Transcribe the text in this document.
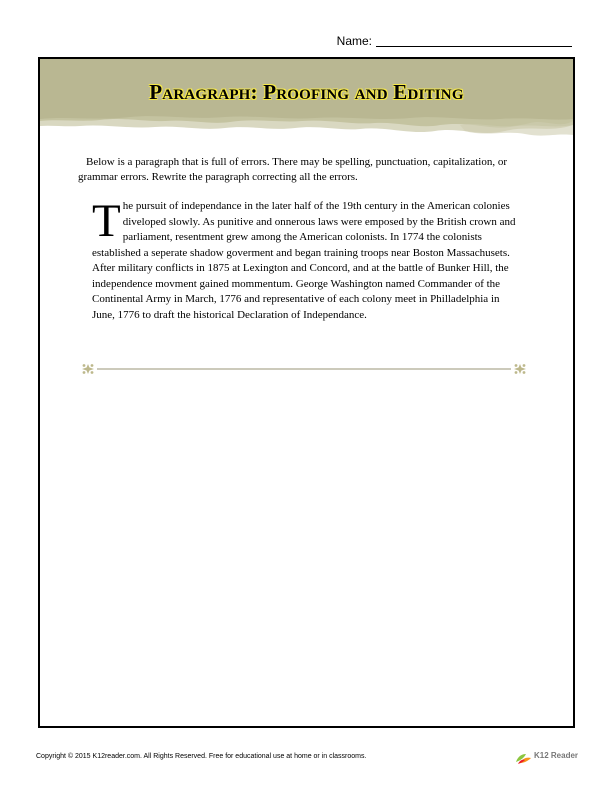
Name:
Paragraph: Proofing and Editing
Below is a paragraph that is full of errors. There may be spelling, punctuation, capitalization, or grammar errors. Rewrite the paragraph correcting all the errors.
The pursuit of independance in the later half of the 19th century in the American colonies diveloped slowly. As punitive and onnerous laws were emposed by the British crown and parliament, resentment grew among the American colonists. In 1774 the colonists established a seperate shadow goverment and began training troops near Boston Massachusets. After military conflicts in 1875 at Lexington and Concord, and at the battle of Bunker Hill, the independence movment gained mommentum. George Washington named Commander of the Continental Army in March, 1776 and representative of each colony meet in Philladelphia in June, 1776 to draft the historical Declaration of Independance.
Copyright © 2015 K12reader.com. All Rights Reserved. Free for educational use at home or in classrooms.	K12 Reader
